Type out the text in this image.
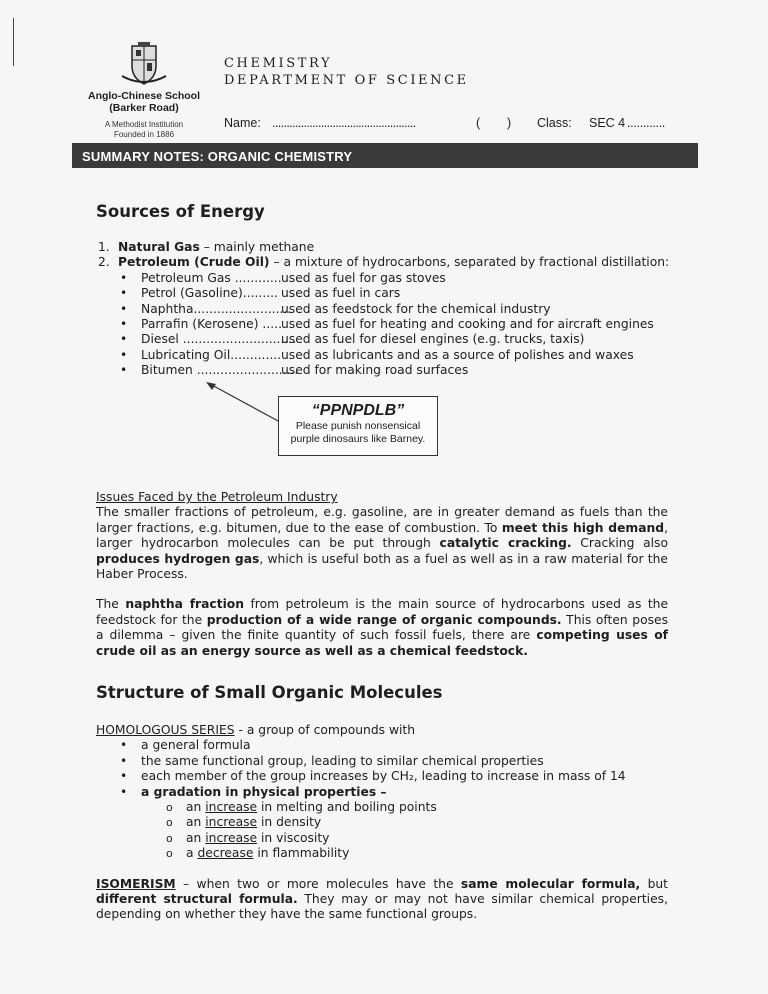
Anglo-Chinese School
(Barker Road)
A Methodist Institution
Founded in 1886
CHEMISTRY
DEPARTMENT OF SCIENCE
Name: ..................................................	( ) Class: SEC 4 ............
SUMMARY NOTES: ORGANIC CHEMISTRY
Sources of Energy
1. Natural Gas – mainly methane
2. Petroleum (Crude Oil) – a mixture of hydrocarbons, separated by fractional distillation:
• Petroleum Gas ............ used as fuel for gas stoves
• Petrol (Gasoline)......... used as fuel in cars
• Naphtha.........................
used as feedstock for the chemical industry
• Parrafin (Kerosene) ..... used as fuel for heating and cooking and for aircraft engines
• Diesel .............................
used as fuel for diesel engines (e.g. trucks, taxis)
• Lubricating Oil............. used as lubricants and as a source of polishes and waxes
• Bitumen ..........................
used for making road surfaces
Structure of Small Organic Molecules
“PPNPDLB”
Please punish nonsensical
purple dinosaurs like Barney.
Issues Faced by the Petroleum Industry

The smaller fractions of petroleum, e.g. gasoline, are in greater demand as fuels than the larger fractions, e.g. bitumen, due to the ease of combustion. To meet this high demand, larger hydrocarbon molecules can be put through catalytic cracking. Cracking also produces hydrogen gas, which is useful both as a fuel as well as in a raw material for the Haber Process.

The naphtha fraction from petroleum is the main source of hydrocarbons used as the feedstock for the production of a wide range of organic compounds. This often poses a dilemma – given the finite quantity of such fossil fuels, there are competing uses of crude oil as an energy source as well as a chemical feedstock.

HOMOLOGOUS SERIES - a group of compounds with
• a general formula
• the same functional group, leading to similar chemical properties
• each member of the group increases by CH₂, leading to increase in mass of 14
• a gradation in physical properties –
o an increase in melting and boiling points
o an increase in density
o an increase in viscosity
o a decrease in flammability

ISOMERISM – when two or more molecules have the same molecular formula, but different structural formula. They may or may not have similar chemical properties, depending on whether they have the same functional groups.
